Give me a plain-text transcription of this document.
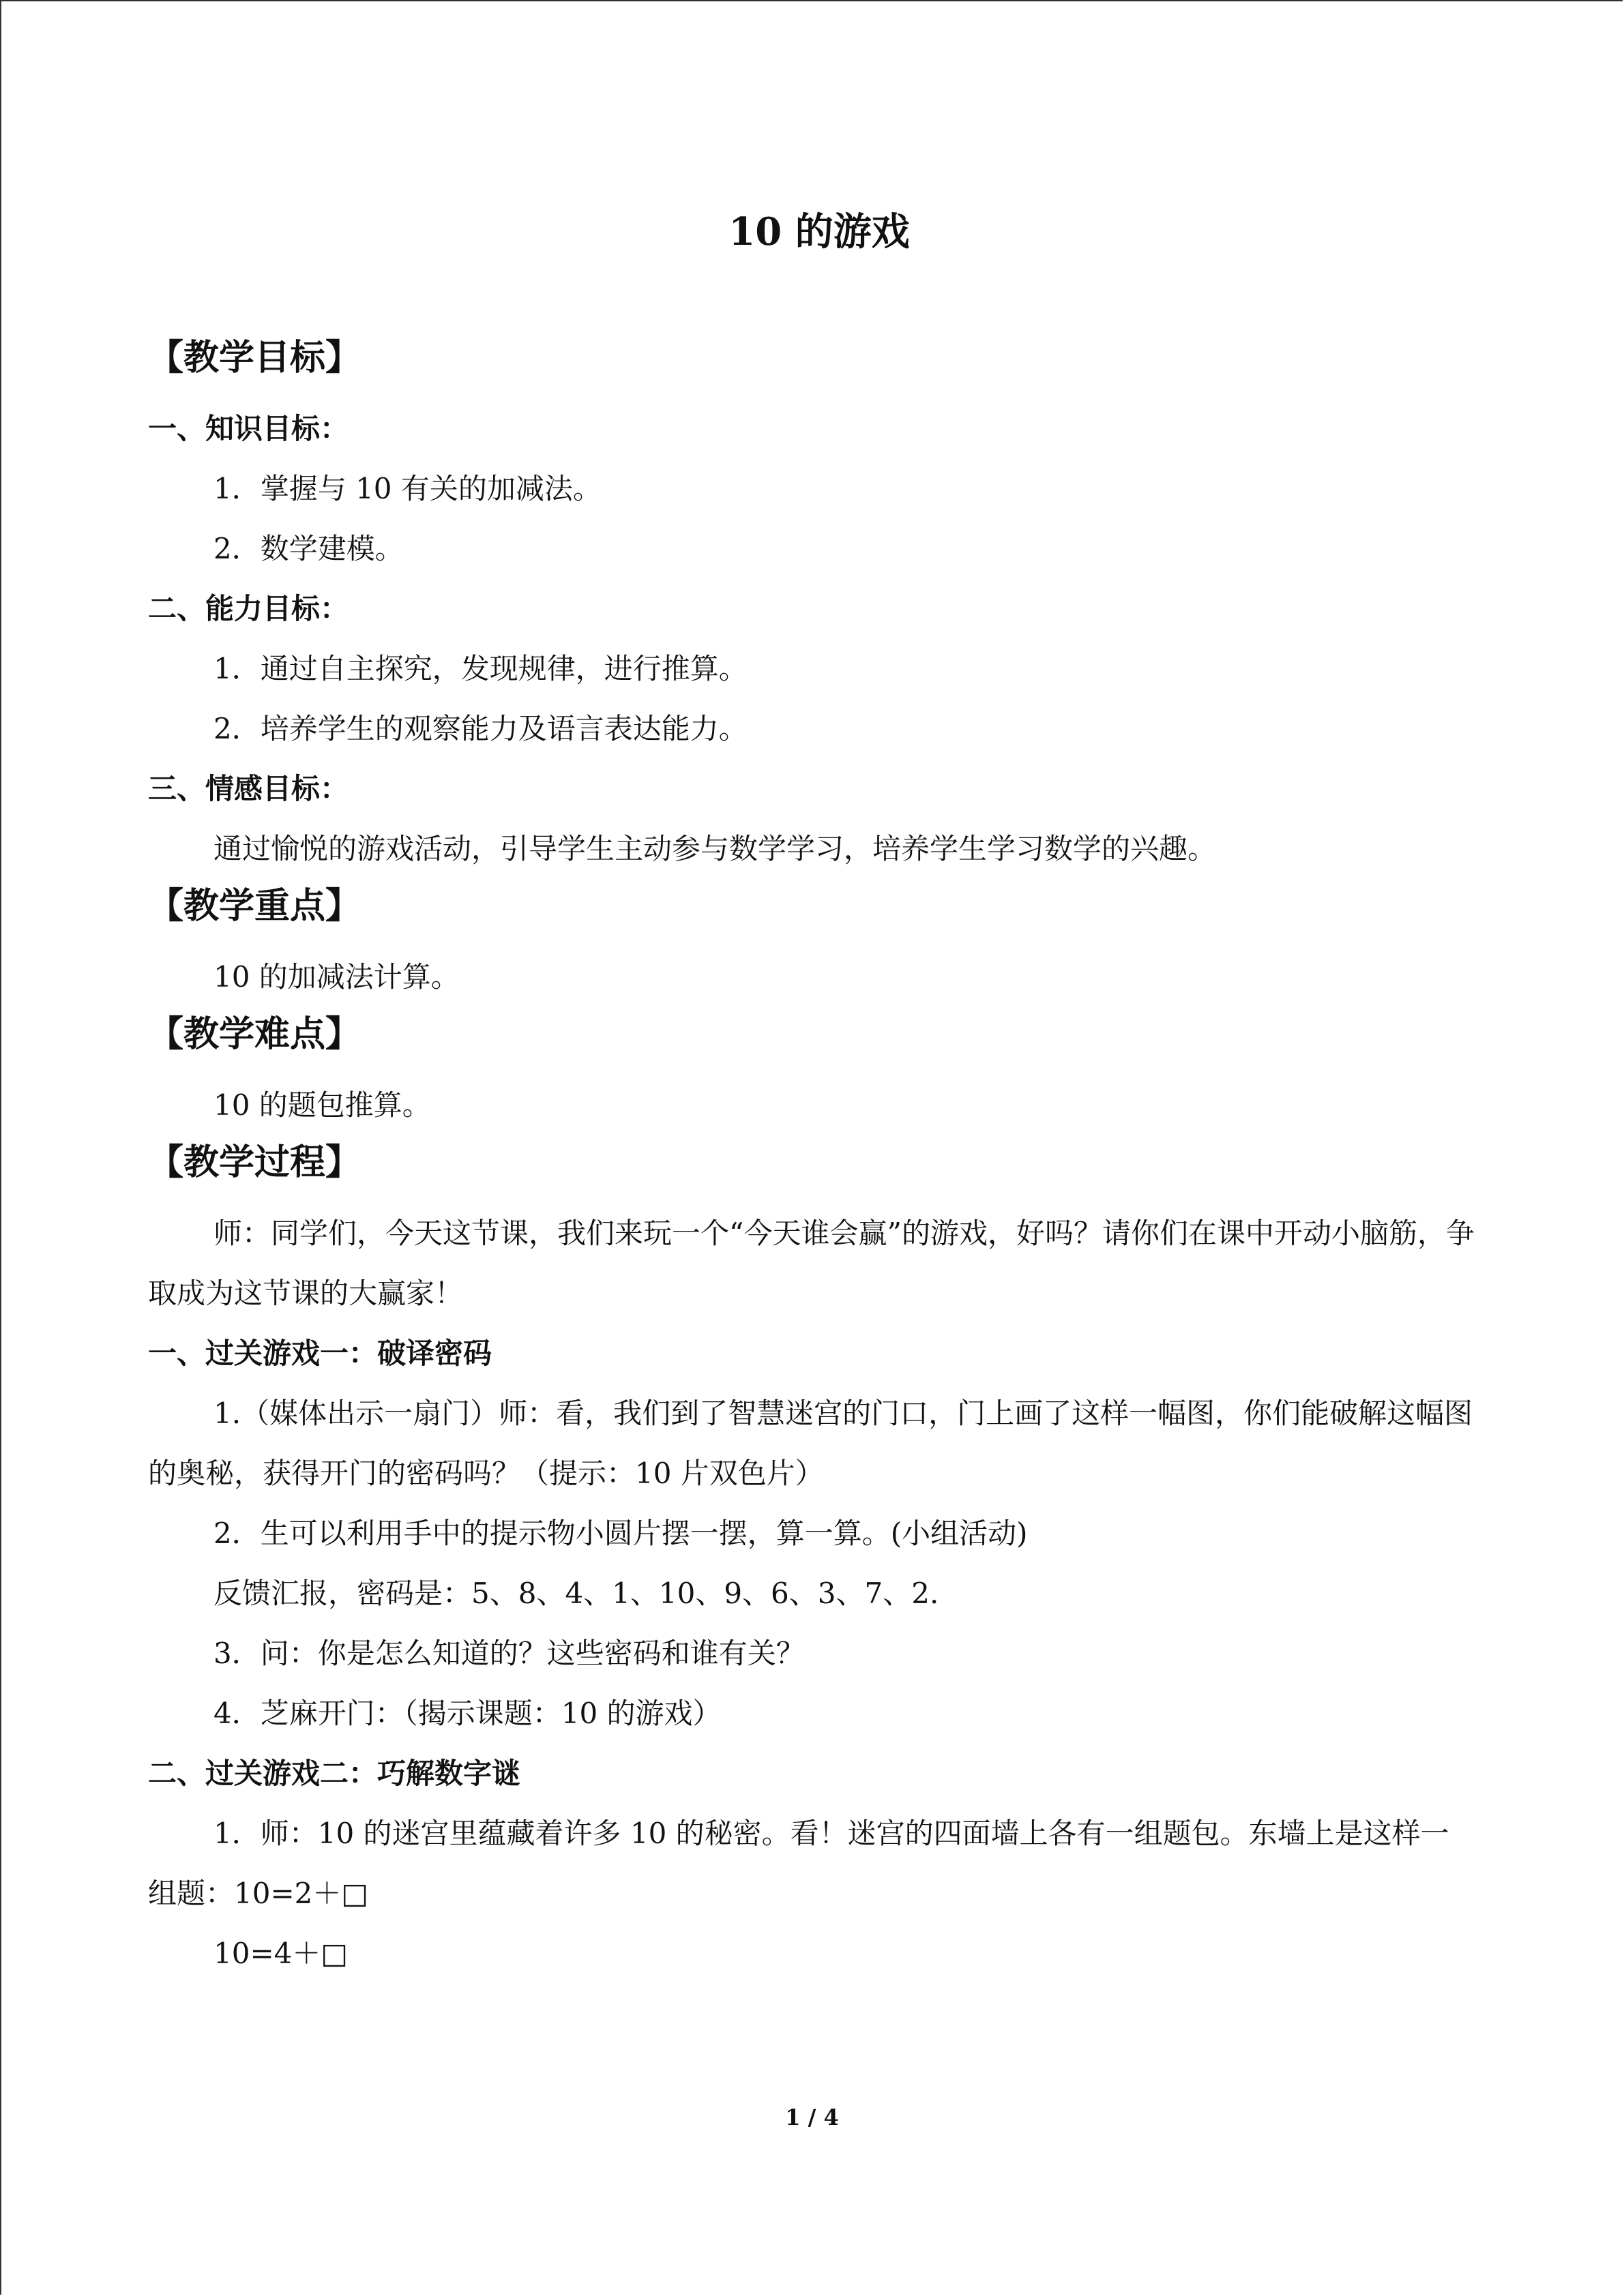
10 的游戏
【教学目标】

一、知识目标：

1．掌握与 10 有关的加减法。

2．数学建模。

二、能力目标：

1．通过自主探究，发现规律，进行推算。

2．培养学生的观察能力及语言表达能力。

三、情感目标：

通过愉悦的游戏活动，引导学生主动参与数学学习，培养学生学习数学的兴趣。

【教学重点】

10 的加减法计算。

【教学难点】

10 的题包推算。

【教学过程】

师：同学们，今天这节课，我们来玩一个“今天谁会赢”的游戏，好吗？请你们在课中开动小脑筋，争取成为这节课的大赢家！

一、过关游戏一：破译密码

1.（媒体出示一扇门）师：看，我们到了智慧迷宫的门口，门上画了这样一幅图，你们能破解这幅图的奥秘，获得开门的密码吗？（提示：10 片双色片）

2．生可以利用手中的提示物小圆片摆一摆，算一算。(小组活动)

反馈汇报，密码是：5、8、4、1、10、9、6、3、7、2.

3．问：你是怎么知道的？这些密码和谁有关？

4．芝麻开门：（揭示课题：10 的游戏）

二、过关游戏二：巧解数字谜

1．师：10 的迷宫里蕴藏着许多 10 的秘密。看！迷宫的四面墙上各有一组题包。东墙上是这样一组题：10=2＋□

10=4＋□

1 / 4
